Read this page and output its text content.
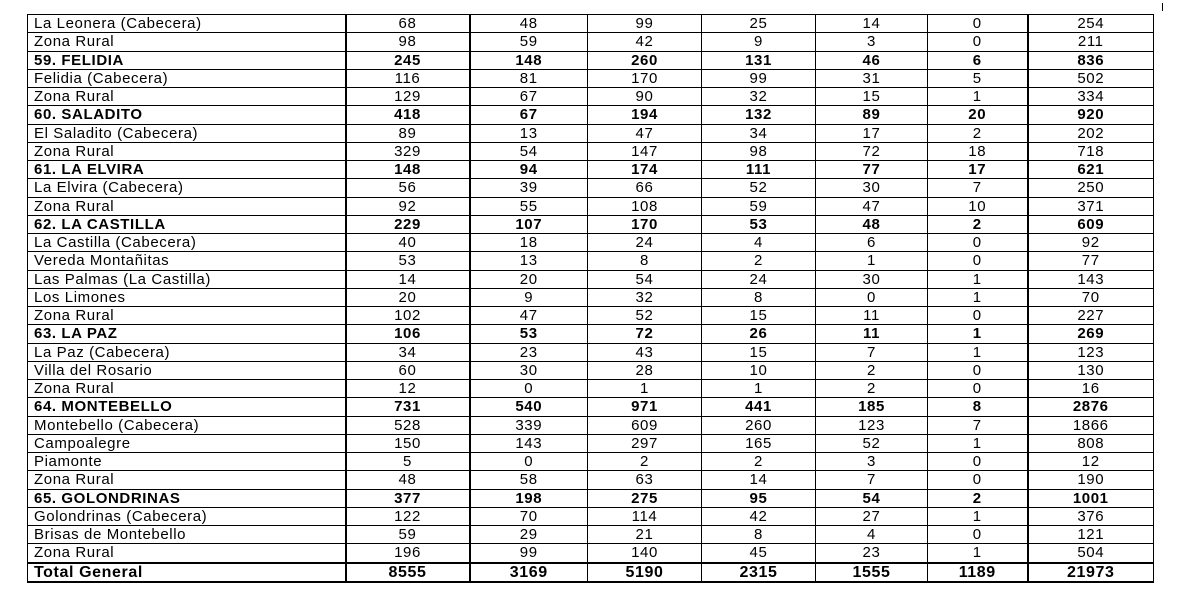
La Leonera (Cabecera)	68	48	99	25	14	0	254
Zona Rural	98	59	42	9	3	0	211
59. FELIDIA	245	148	260	131	46	6	836
Felidia (Cabecera)	116	81	170	99	31	5	502
Zona Rural	129	67	90	32	15	1	334
60. SALADITO	418	67	194	132	89	20	920
El Saladito (Cabecera)	89	13	47	34	17	2	202
Zona Rural	329	54	147	98	72	18	718
61. LA ELVIRA	148	94	174	111	77	17	621
La Elvira (Cabecera)	56	39	66	52	30	7	250
Zona Rural	92	55	108	59	47	10	371
62. LA CASTILLA	229	107	170	53	48	2	609
La Castilla (Cabecera)	40	18	24	4	6	0	92
Vereda Montañitas	53	13	8	2	1	0	77
Las Palmas (La Castilla)	14	20	54	24	30	1	143
Los Limones	20	9	32	8	0	1	70
Zona Rural	102	47	52	15	11	0	227
63. LA PAZ	106	53	72	26	11	1	269
La Paz (Cabecera)	34	23	43	15	7	1	123
Villa del Rosario	60	30	28	10	2	0	130
Zona Rural	12	0	1	1	2	0	16
64. MONTEBELLO	731	540	971	441	185	8	2876
Montebello (Cabecera)	528	339	609	260	123	7	1866
Campoalegre	150	143	297	165	52	1	808
Piamonte	5	0	2	2	3	0	12
Zona Rural	48	58	63	14	7	0	190
65. GOLONDRINAS	377	198	275	95	54	2	1001
Golondrinas (Cabecera)	122	70	114	42	27	1	376
Brisas de Montebello	59	29	21	8	4	0	121
Zona Rural	196	99	140	45	23	1	504
Total General	8555	3169	5190	2315	1555	1189	21973
